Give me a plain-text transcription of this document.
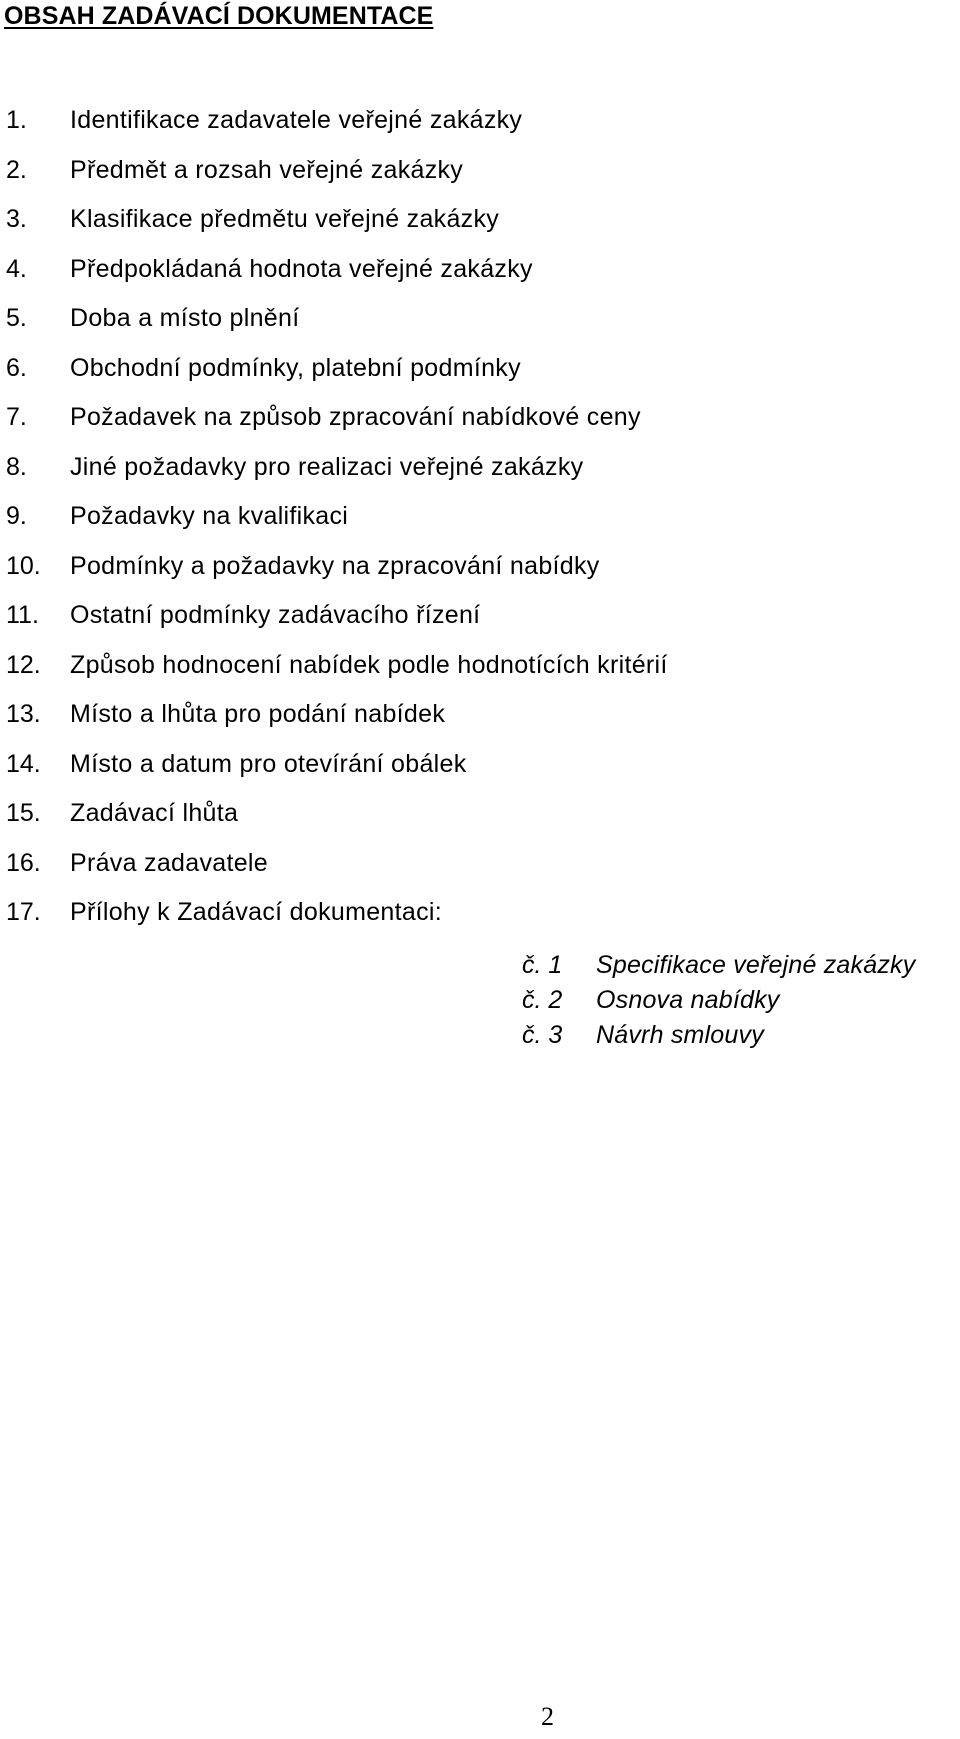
OBSAH ZADÁVACÍ DOKUMENTACE
1.	Identifikace zadavatele veřejné zakázky
2.	Předmět a rozsah veřejné zakázky
3.	Klasifikace předmětu veřejné zakázky
4.	Předpokládaná hodnota veřejné zakázky
5.	Doba a místo plnění
6.	Obchodní podmínky, platební podmínky
7.	Požadavek na způsob zpracování nabídkové ceny
8.	Jiné požadavky pro realizaci veřejné zakázky
9.	Požadavky na kvalifikaci
10.	Podmínky a požadavky na zpracování nabídky
11.	Ostatní podmínky zadávacího řízení
12.	Způsob hodnocení nabídek podle hodnotících kritérií
13.	Místo a lhůta pro podání nabídek
14.	Místo a datum pro otevírání obálek
15.	Zadávací lhůta
16.	Práva zadavatele
17.	Přílohy k Zadávací dokumentaci:
č. 1	Specifikace veřejné zakázky
č. 2	Osnova nabídky
č. 3	Návrh smlouvy
2
